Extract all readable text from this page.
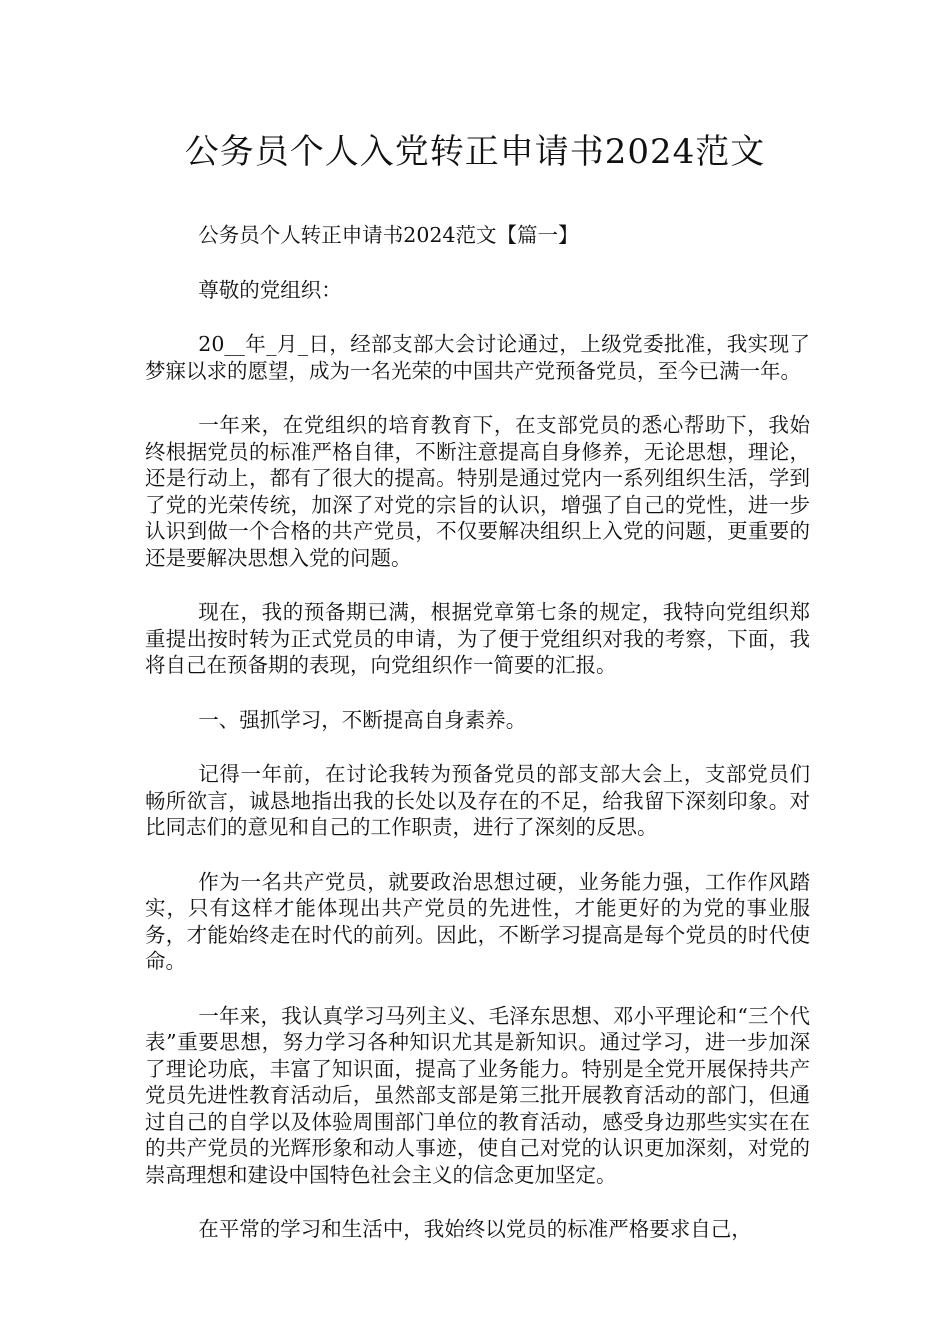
公务员个人入党转正申请书2024范文

公务员个人转正申请书2024范文【篇一】

尊敬的党组织：

20__年_月_日，经部支部大会讨论通过，上级党委批准，我实现了梦寐以求的愿望，成为一名光荣的中国共产党预备党员，至今已满一年。

一年来，在党组织的培育教育下，在支部党员的悉心帮助下，我始终根据党员的标准严格自律，不断注意提高自身修养，无论思想，理论，还是行动上，都有了很大的提高。特别是通过党内一系列组织生活，学到了党的光荣传统，加深了对党的宗旨的认识，增强了自己的党性，进一步认识到做一个合格的共产党员，不仅要解决组织上入党的问题，更重要的还是要解决思想入党的问题。

现在，我的预备期已满，根据党章第七条的规定，我特向党组织郑重提出按时转为正式党员的申请，为了便于党组织对我的考察，下面，我将自己在预备期的表现，向党组织作一简要的汇报。

一、强抓学习，不断提高自身素养。

记得一年前，在讨论我转为预备党员的部支部大会上，支部党员们畅所欲言，诚恳地指出我的长处以及存在的不足，给我留下深刻印象。对比同志们的意见和自己的工作职责，进行了深刻的反思。

作为一名共产党员，就要政治思想过硬，业务能力强，工作作风踏实，只有这样才能体现出共产党员的先进性，才能更好的为党的事业服务，才能始终走在时代的前列。因此，不断学习提高是每个党员的时代使命。

一年来，我认真学习马列主义、毛泽东思想、邓小平理论和“三个代表”重要思想，努力学习各种知识尤其是新知识。通过学习，进一步加深了理论功底，丰富了知识面，提高了业务能力。特别是全党开展保持共产党员先进性教育活动后，虽然部支部是第三批开展教育活动的部门，但通过自己的自学以及体验周围部门单位的教育活动，感受身边那些实实在在的共产党员的光辉形象和动人事迹，使自己对党的认识更加深刻，对党的崇高理想和建设中国特色社会主义的信念更加坚定。

在平常的学习和生活中，我始终以党员的标准严格要求自己，
